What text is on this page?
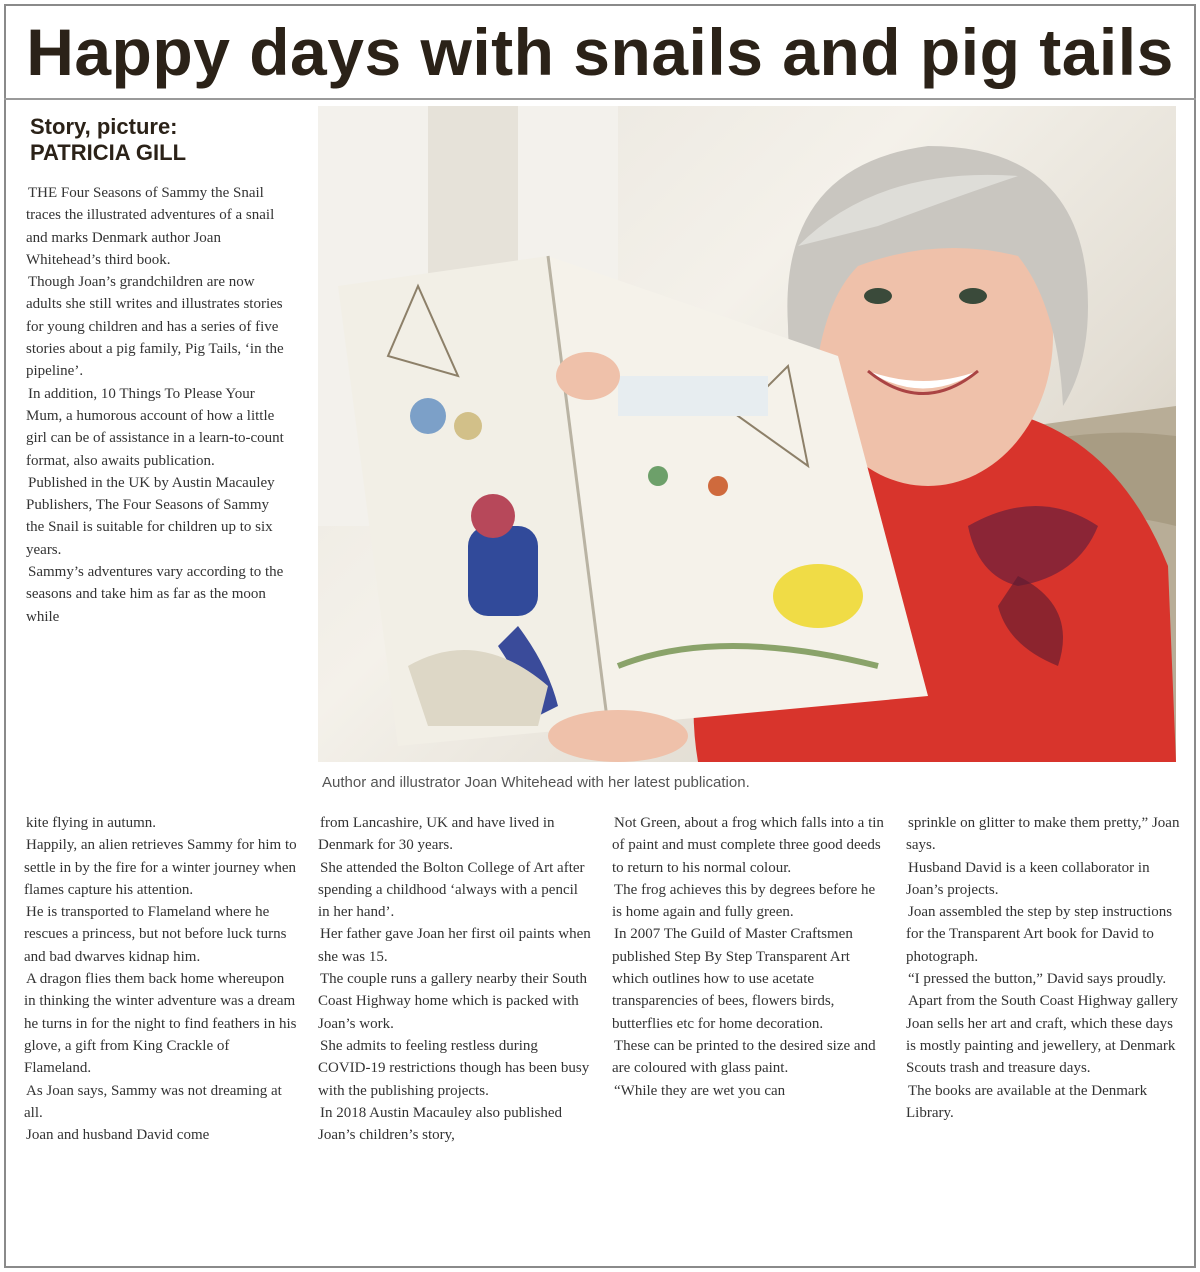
Happy days with snails and pig tails
Story, picture:
PATRICIA GILL

THE Four Seasons of Sammy the Snail traces the illustrated adventures of a snail and marks Denmark author Joan Whitehead’s third book.

Though Joan’s grandchildren are now adults she still writes and illustrates stories for young children and has a series of five stories about a pig family, Pig Tails, ‘in the pipeline’.

In addition, 10 Things To Please Your Mum, a humorous account of how a little girl can be of assistance in a learn-to-count format, also awaits publication.

Published in the UK by Austin Macauley Publishers, The Four Seasons of Sammy the Snail is suitable for children up to six years.

Sammy’s adventures vary according to the seasons and take him as far as the moon while

Author and illustrator Joan Whitehead with her latest publication.

kite flying in autumn.

Happily, an alien retrieves Sammy for him to settle in by the fire for a winter journey when flames capture his attention.

He is transported to Flameland where he rescues a princess, but not before luck turns and bad dwarves kidnap him.

A dragon flies them back home whereupon in thinking the winter adventure was a dream he turns in for the night to find feathers in his glove, a gift from King Crackle of Flameland.

As Joan says, Sammy was not dreaming at all.

Joan and husband David come

from Lancashire, UK and have lived in Denmark for 30 years.

She attended the Bolton College of Art after spending a childhood ‘always with a pencil in her hand’.

Her father gave Joan her first oil paints when she was 15.

The couple runs a gallery nearby their South Coast Highway home which is packed with Joan’s work.

She admits to feeling restless during COVID-19 restrictions though has been busy with the publishing projects.

In 2018 Austin Macauley also published Joan’s children’s story,

Not Green, about a frog which falls into a tin of paint and must complete three good deeds to return to his normal colour.

The frog achieves this by degrees before he is home again and fully green.

In 2007 The Guild of Master Craftsmen published Step By Step Transparent Art which outlines how to use acetate transparencies of bees, flowers birds, butterflies etc for home decoration.

These can be printed to the desired size and are coloured with glass paint.

“While they are wet you can

sprinkle on glitter to make them pretty,” Joan says.

Husband David is a keen collaborator in Joan’s projects.

Joan assembled the step by step instructions for the Transparent Art book for David to photograph.

“I pressed the button,” David says proudly.

Apart from the South Coast Highway gallery Joan sells her art and craft, which these days is mostly painting and jewellery, at Denmark Scouts trash and treasure days.

The books are available at the Denmark Library.
